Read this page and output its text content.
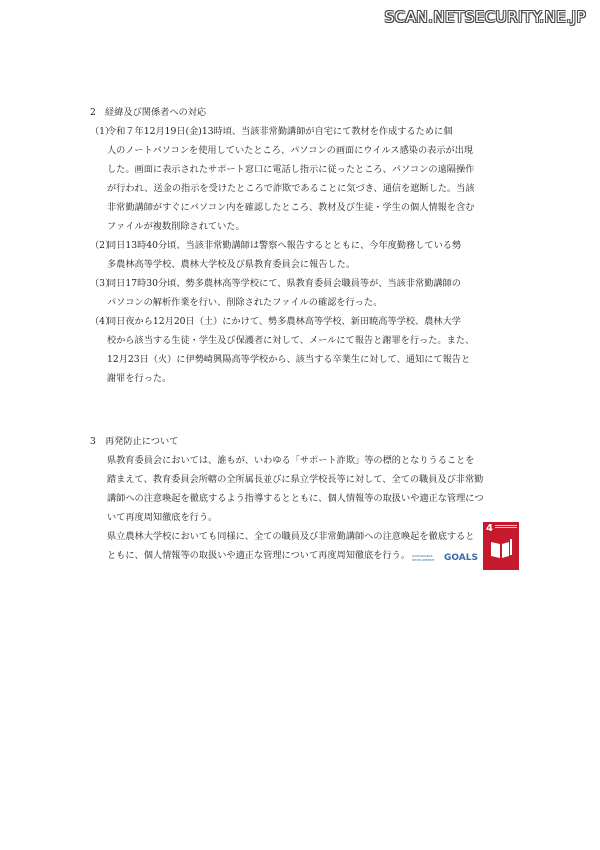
SCAN.NETSECURITY.NE.JP
2　経緯及び関係者への対応
（1）
令和７年12月19日(金)13時頃、当該非常勤講師が自宅にて教材を作成するために個
人のノートパソコンを使用していたところ、パソコンの画面にウイルス感染の表示が出現
した。画面に表示されたサポート窓口に電話し指示に従ったところ、パソコンの遠隔操作
が行われ、送金の指示を受けたところで詐欺であることに気づき、通信を遮断した。当該
非常勤講師がすぐにパソコン内を確認したところ、教材及び生徒・学生の個人情報を含む
ファイルが複数削除されていた。
（2）
同日13時40分頃、当該非常勤講師は警察へ報告するとともに、今年度勤務している勢
多農林高等学校、農林大学校及び県教育委員会に報告した。
（3）
同日17時30分頃、勢多農林高等学校にて、県教育委員会職員等が、当該非常勤講師の
パソコンの解析作業を行い、削除されたファイルの確認を行った。
（4）
同日夜から12月20日（土）にかけて、勢多農林高等学校、新田暁高等学校、農林大学
校から該当する生徒・学生及び保護者に対して、メールにて報告と謝罪を行った。また、
12月23日（火）に伊勢崎興陽高等学校から、該当する卒業生に対して、通知にて報告と
謝罪を行った。
3　再発防止について
県教育委員会においては、誰もが、いわゆる「サポート詐欺」等の標的となりうることを
踏まえて、教育委員会所轄の全所属長並びに県立学校長等に対して、全ての職員及び非常勤
講師への注意喚起を徹底するよう指導するとともに、個人情報等の取扱いや適正な管理につ
いて再度周知徹底を行う。
県立農林大学校においても同様に、全ての職員及び非常勤講師への注意喚起を徹底すると
ともに、個人情報等の取扱いや適正な管理について再度周知徹底を行う。 SUSTAINABLE DEVELOPMENT	GOALS
4
